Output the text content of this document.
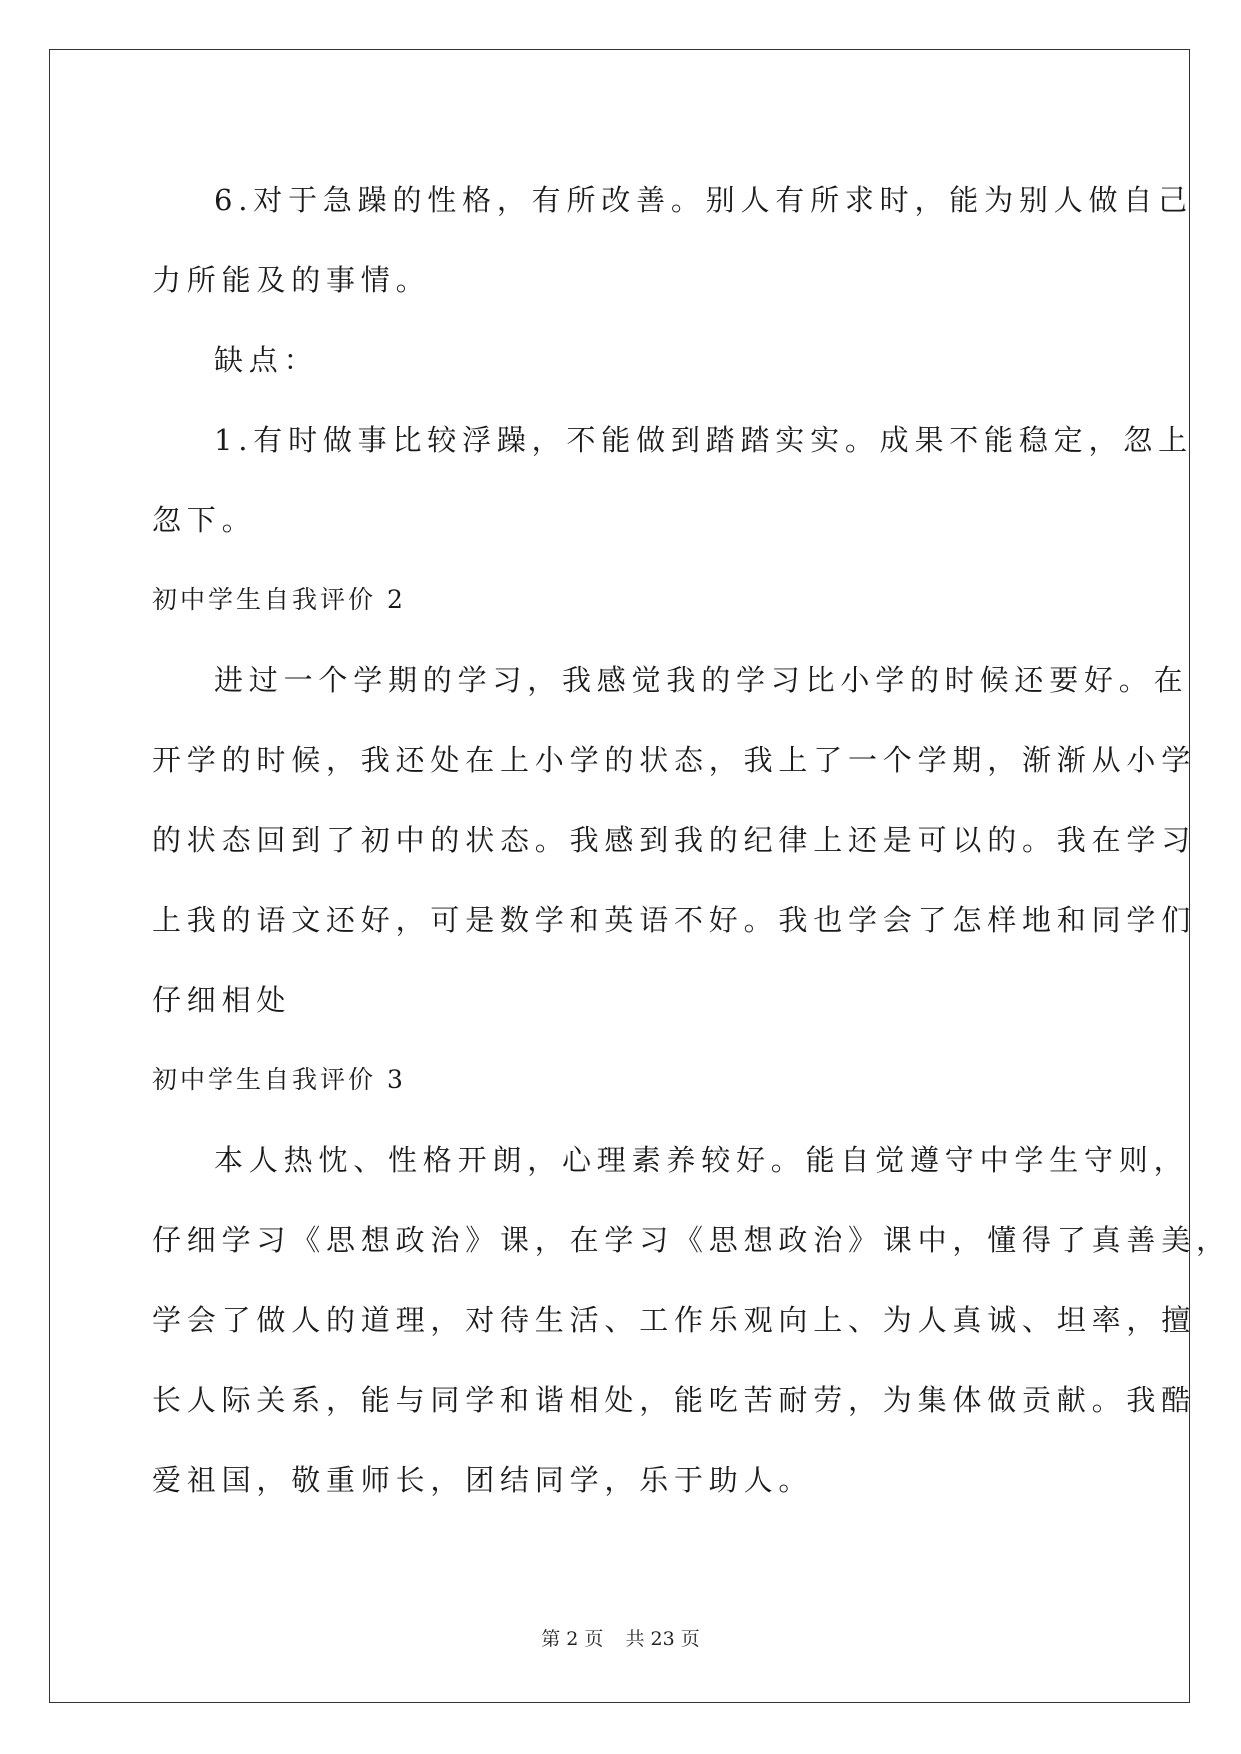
6.对于急躁的性格，有所改善。别人有所求时，能为别人做自己
力所能及的事情。
缺点：
1.有时做事比较浮躁，不能做到踏踏实实。成果不能稳定，忽上
忽下。
初中学生自我评价 2
进过一个学期的学习，我感觉我的学习比小学的时候还要好。在
开学的时候，我还处在上小学的状态，我上了一个学期，渐渐从小学
的状态回到了初中的状态。我感到我的纪律上还是可以的。我在学习
上我的语文还好，可是数学和英语不好。我也学会了怎样地和同学们
仔细相处
初中学生自我评价 3
本人热忱、性格开朗，心理素养较好。能自觉遵守中学生守则，
仔细学习《思想政治》课，在学习《思想政治》课中，懂得了真善美，
学会了做人的道理，对待生活、工作乐观向上、为人真诚、坦率，擅
长人际关系，能与同学和谐相处，能吃苦耐劳，为集体做贡献。我酷
爱祖国，敬重师长，团结同学，乐于助人。
第 2 页 共 23 页
